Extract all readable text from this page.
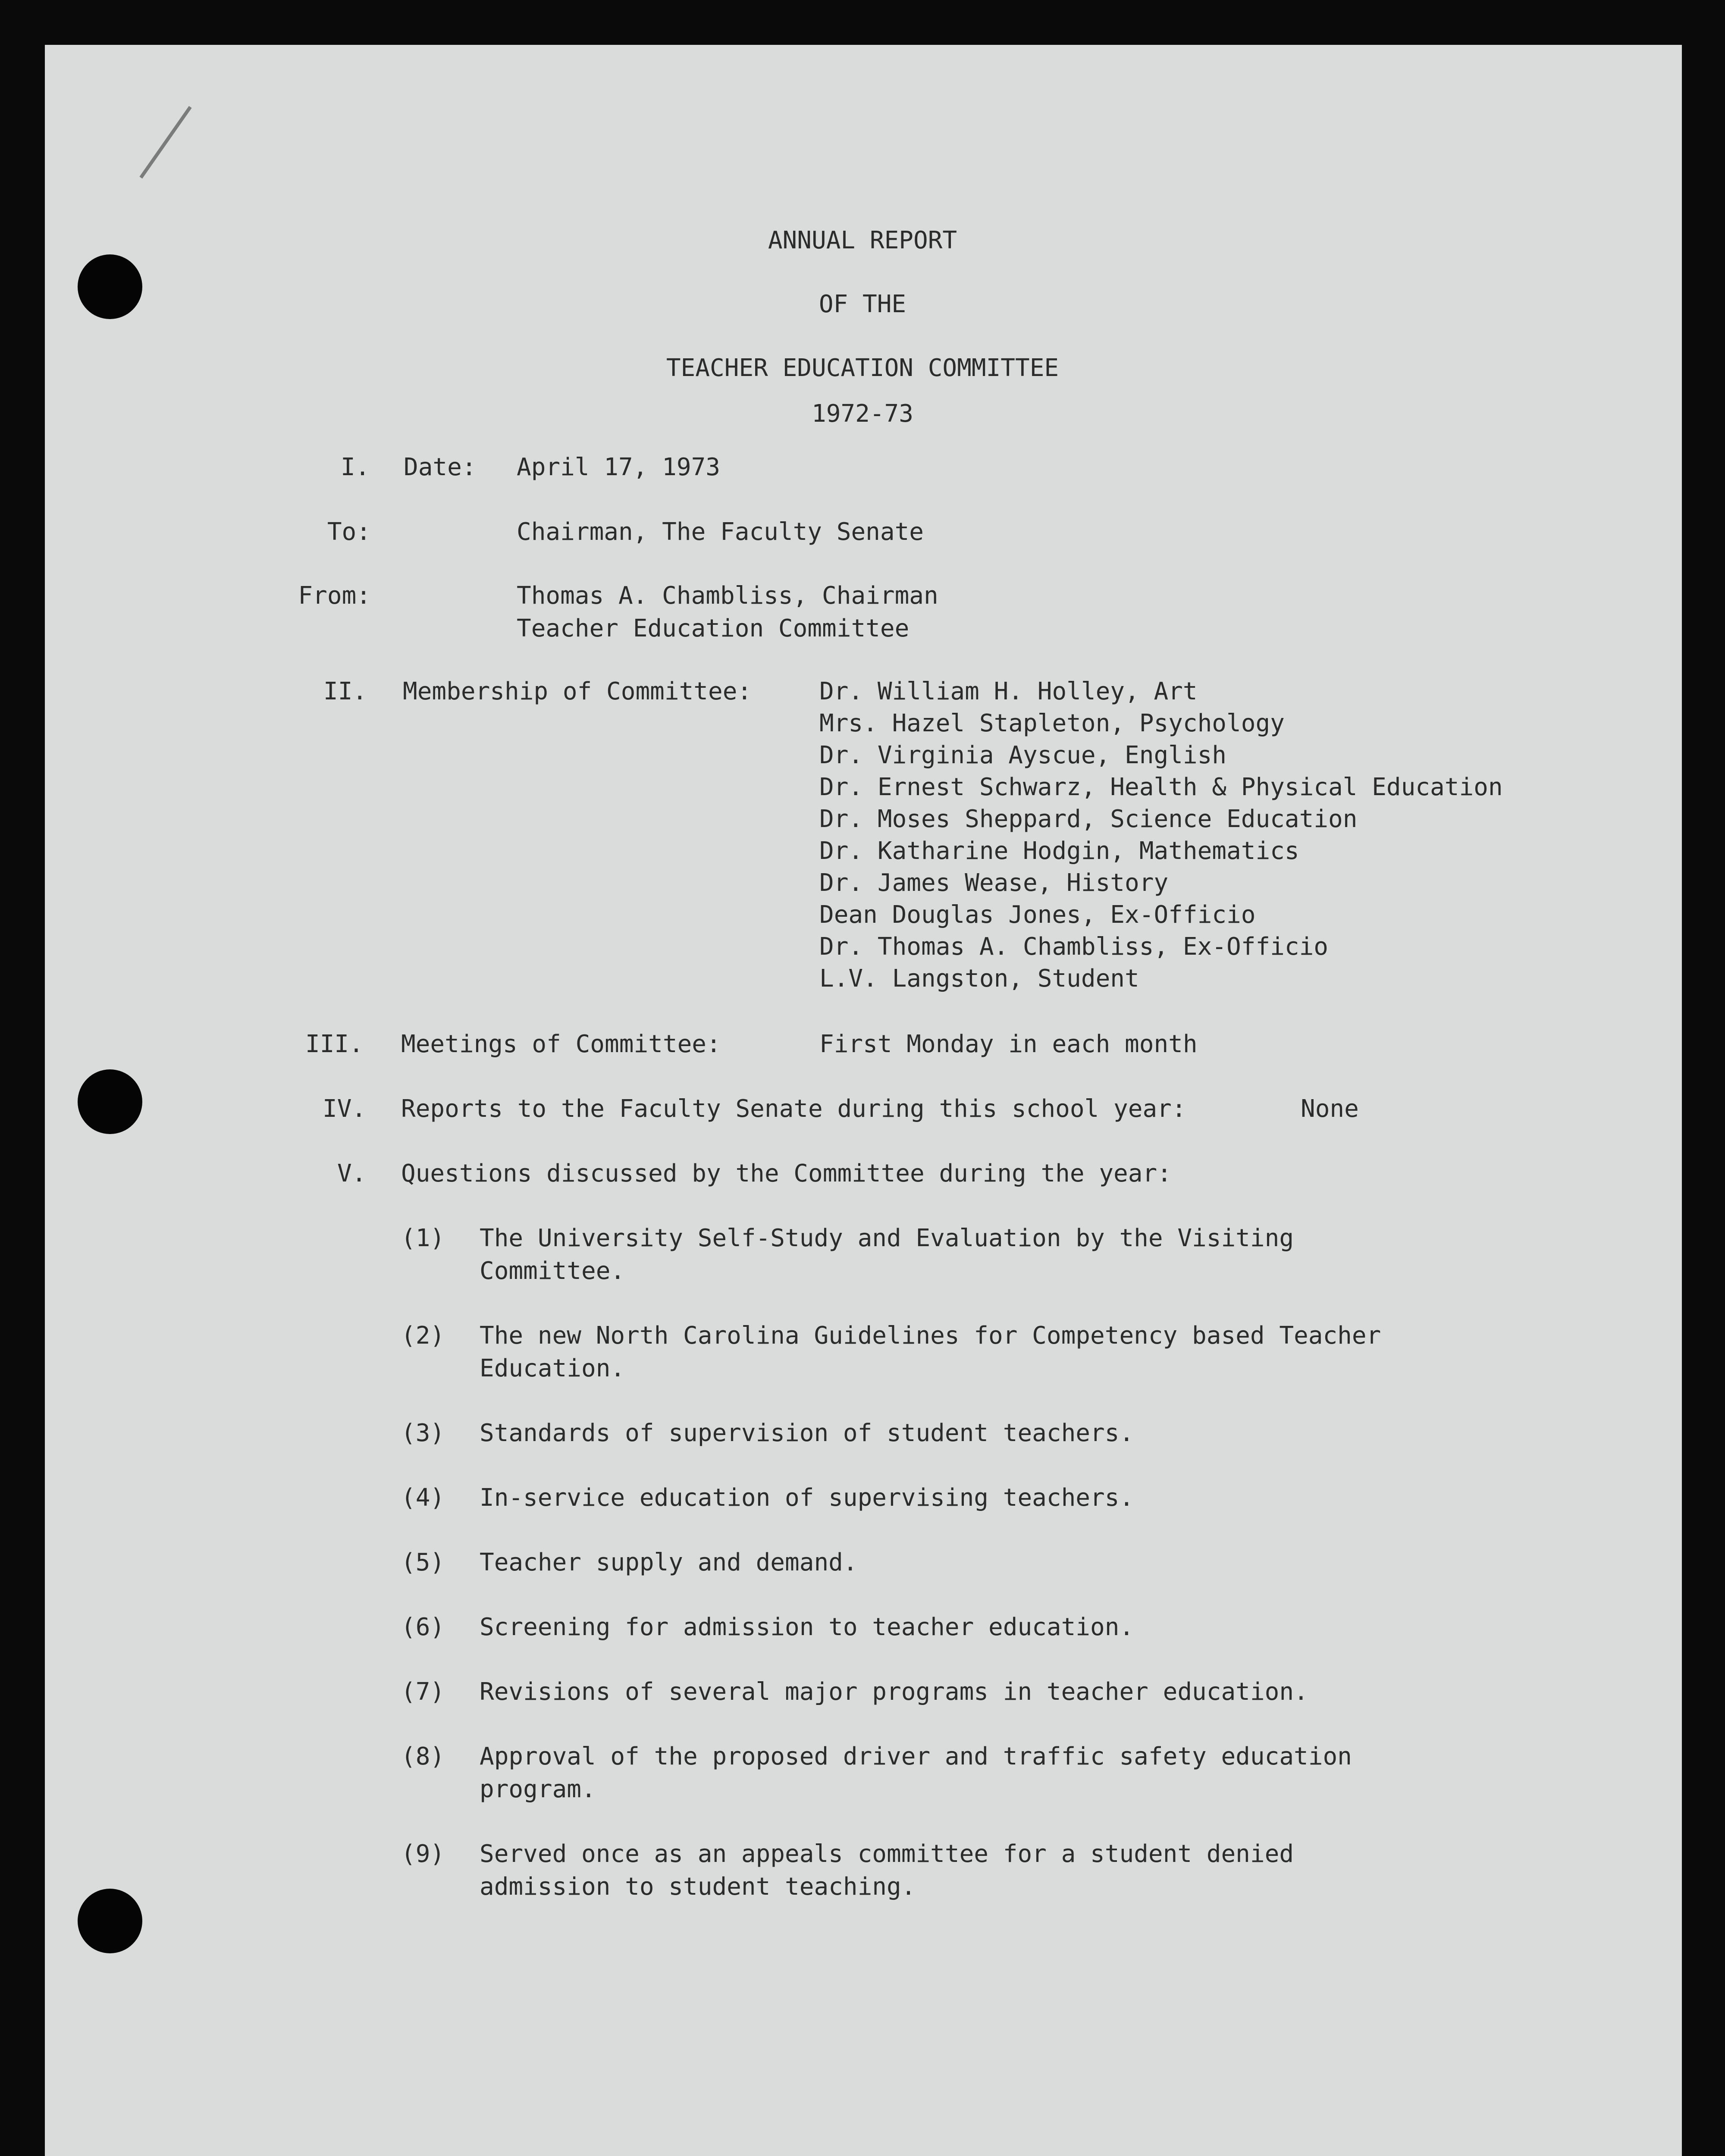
ANNUAL REPORT
OF THE
TEACHER EDUCATION COMMITTEE
1972-73
I. Date: April 17, 1973
To:	Chairman, The Faculty Senate
From:	Thomas A. Chambliss, Chairman
Teacher Education Committee
II. Membership of Committee:	Dr. William H. Holley, Art
Mrs. Hazel Stapleton, Psychology
Dr. Virginia Ayscue, English
Dr. Ernest Schwarz, Health & Physical Education
Dr. Moses Sheppard, Science Education
Dr. Katharine Hodgin, Mathematics
Dr. James Wease, History
Dean Douglas Jones, Ex-Officio
Dr. Thomas A. Chambliss, Ex-Officio
L.V. Langston, Student
III. Meetings of Committee:	First Monday in each month
IV. Reports to the Faculty Senate during this school year:	None
V. Questions discussed by the Committee during the year:
(1) The University Self-Study and Evaluation by the Visiting
Committee.
(2) The new North Carolina Guidelines for Competency based Teacher
Education.
(3) Standards of supervision of student teachers.
(4) In-service education of supervising teachers.
(5) Teacher supply and demand.
(6) Screening for admission to teacher education.
(7) Revisions of several major programs in teacher education.
(8) Approval of the proposed driver and traffic safety education
program.
(9) Served once as an appeals committee for a student denied
admission to student teaching.
